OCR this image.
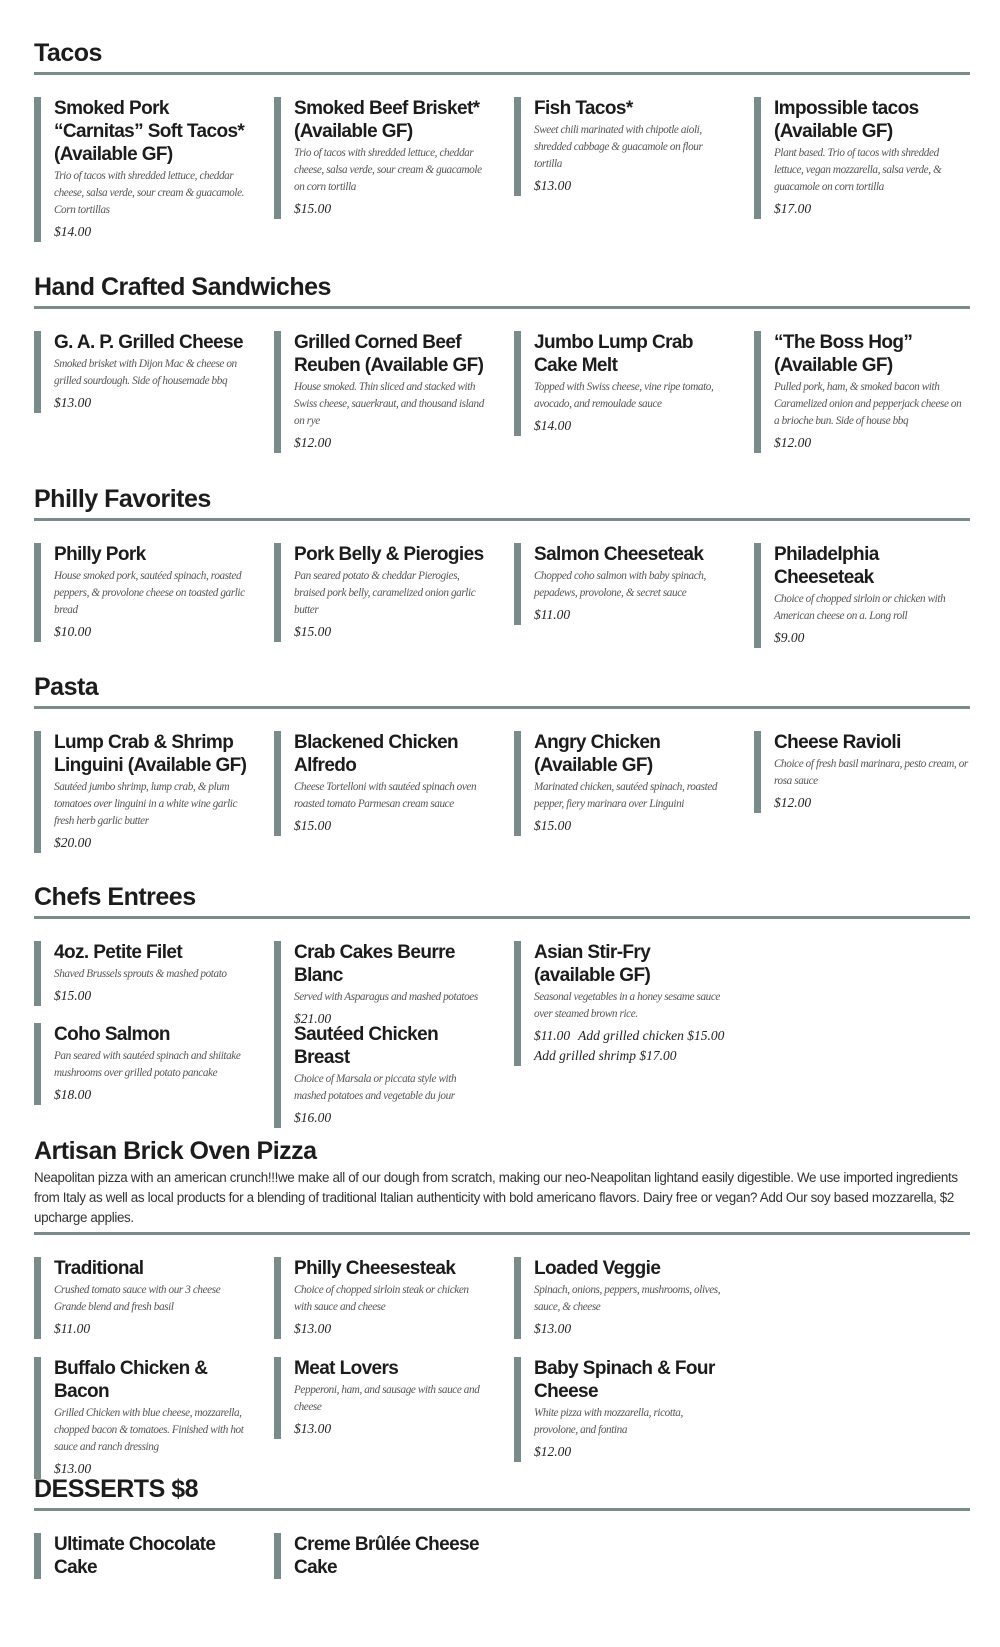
Tacos
Smoked Pork “Carnitas” Soft Tacos* (Available GF)
Trio of tacos with shredded lettuce, cheddar cheese, salsa verde, sour cream & guacamole. Corn tortillas
$14.00
Smoked Beef Brisket* (Available GF)
Trio of tacos with shredded lettuce, cheddar cheese, salsa verde, sour cream & guacamole on corn tortilla
$15.00
Fish Tacos*
Sweet chili marinated with chipotle aioli, shredded cabbage & guacamole on flour tortilla
$13.00
Impossible tacos (Available GF)
Plant based. Trio of tacos with shredded lettuce, vegan mozzarella, salsa verde, & guacamole on corn tortilla
$17.00
Hand Crafted Sandwiches
G. A. P. Grilled Cheese
Smoked brisket with Dijon Mac & cheese on grilled sourdough. Side of housemade bbq
$13.00
Grilled Corned Beef Reuben (Available GF)
House smoked. Thin sliced and stacked with Swiss cheese, sauerkraut, and thousand island on rye
$12.00
Jumbo Lump Crab Cake Melt
Topped with Swiss cheese, vine ripe tomato, avocado, and remoulade sauce
$14.00
“The Boss Hog” (Available GF)
Pulled pork, ham, & smoked bacon with Caramelized onion and pepperjack cheese on a brioche bun. Side of house bbq
$12.00
Philly Favorites
Philly Pork
House smoked pork, sautéed spinach, roasted peppers, & provolone cheese on toasted garlic bread
$10.00
Pork Belly & Pierogies
Pan seared potato & cheddar Pierogies, braised pork belly, caramelized onion garlic butter
$15.00
Salmon Cheeseteak
Chopped coho salmon with baby spinach, pepadews, provolone, & secret sauce
$11.00
Philadelphia Cheeseteak
Choice of chopped sirloin or chicken with American cheese on a. Long roll
$9.00
Pasta
Lump Crab & Shrimp Linguini (Available GF)
Sautéed jumbo shrimp, lump crab, & plum tomatoes over linguini in a white wine garlic fresh herb garlic butter
$20.00
Blackened Chicken Alfredo
Cheese Tortelloni with sautéed spinach oven roasted tomato Parmesan cream sauce
$15.00
Angry Chicken (Available GF)
Marinated chicken, sautéed spinach, roasted pepper, fiery marinara over Linguini
$15.00
Cheese Ravioli
Choice of fresh basil marinara, pesto cream, or rosa sauce
$12.00
Chefs Entrees
4oz. Petite Filet
Shaved Brussels sprouts & mashed potato
$15.00
Crab Cakes Beurre Blanc
Served with Asparagus and mashed potatoes
$21.00
Asian Stir-Fry (available GF)
Seasonal vegetables in a honey sesame sauce over steamed brown rice.
$11.00 Add grilled chicken $15.00 Add grilled shrimp $17.00
Coho Salmon
Pan seared with sautéed spinach and shiitake mushrooms over grilled potato pancake
$18.00
Sautéed Chicken Breast
Choice of Marsala or piccata style with mashed potatoes and vegetable du jour
$16.00
Artisan Brick Oven Pizza
Neapolitan pizza with an american crunch!!!we make all of our dough from scratch, making our neo-Neapolitan lightand easily digestible. We use imported ingredients from Italy as well as local products for a blending of traditional Italian authenticity with bold americano flavors. Dairy free or vegan? Add Our soy based mozzarella, $2 upcharge applies.
Traditional
Crushed tomato sauce with our 3 cheese Grande blend and fresh basil
$11.00
Philly Cheesesteak
Choice of chopped sirloin steak or chicken with sauce and cheese
$13.00
Loaded Veggie
Spinach, onions, peppers, mushrooms, olives, sauce, & cheese
$13.00
Buffalo Chicken & Bacon
Grilled Chicken with blue cheese, mozzarella, chopped bacon & tomatoes. Finished with hot sauce and ranch dressing
$13.00
Meat Lovers
Pepperoni, ham, and sausage with sauce and cheese
$13.00
Baby Spinach & Four Cheese
White pizza with mozzarella, ricotta, provolone, and fontina
$12.00
DESSERTS $8
Ultimate Chocolate Cake
Creme Brûlée Cheese Cake
